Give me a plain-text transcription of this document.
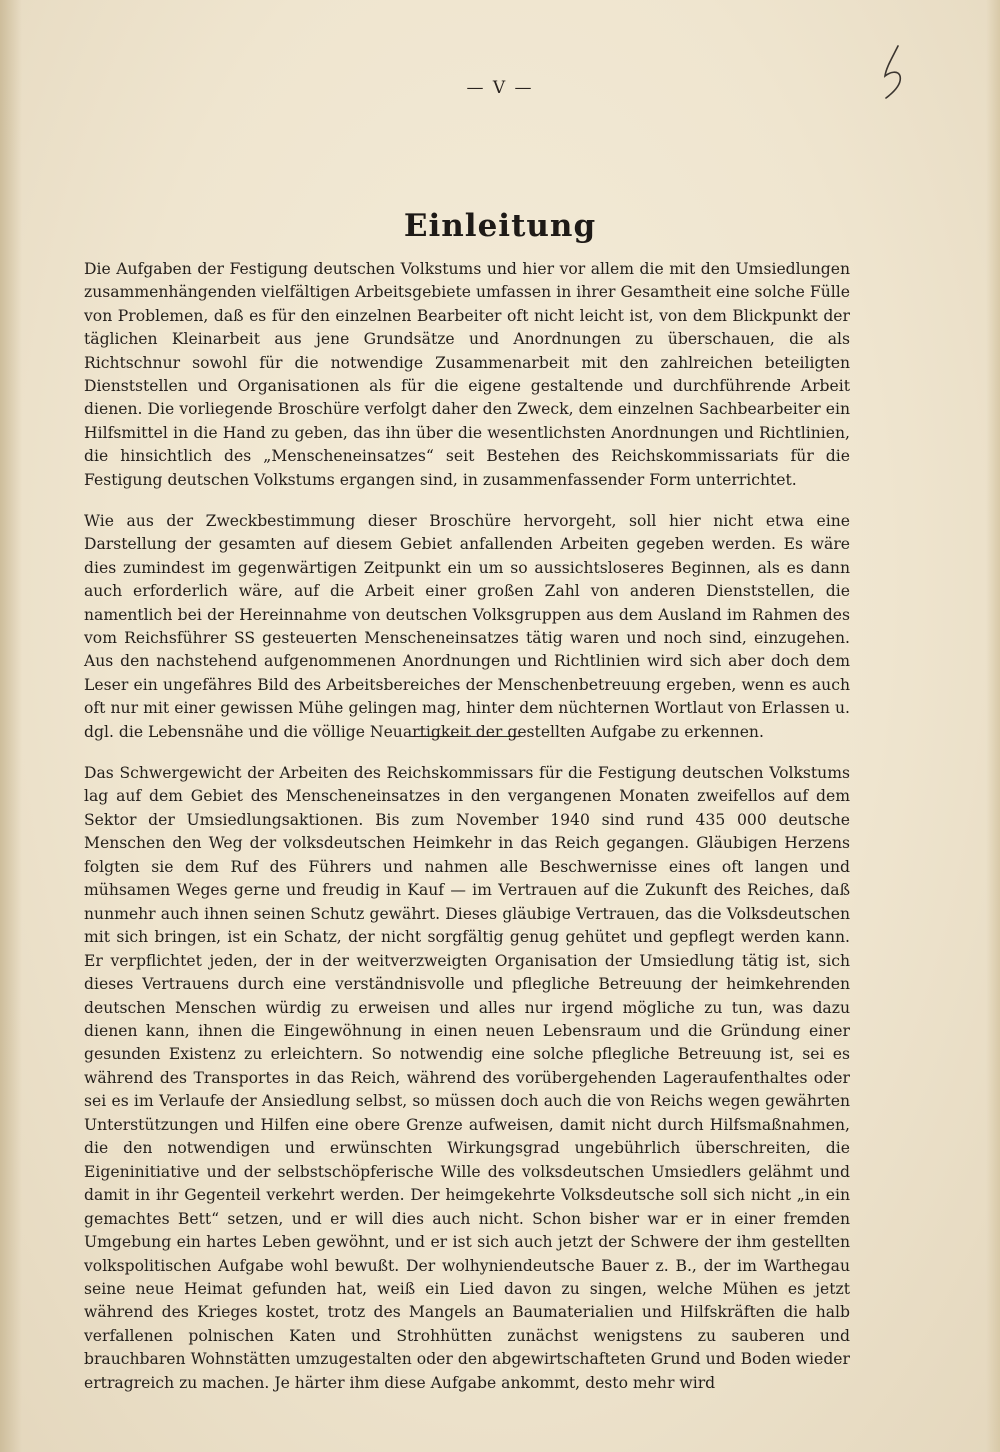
— V —
Einleitung

Die Aufgaben der Festigung deutschen Volkstums und hier vor allem die mit den Umsiedlungen zusammenhängenden vielfältigen Arbeitsgebiete umfassen in ihrer Gesamtheit eine solche Fülle von Problemen, daß es für den einzelnen Bearbeiter oft nicht leicht ist, von dem Blickpunkt der täglichen Kleinarbeit aus jene Grundsätze und Anordnungen zu überschauen, die als Richtschnur sowohl für die notwendige Zusammenarbeit mit den zahlreichen beteiligten Dienststellen und Organisationen als für die eigene gestaltende und durchführende Arbeit dienen. Die vorliegende Broschüre verfolgt daher den Zweck, dem einzelnen Sachbearbeiter ein Hilfsmittel in die Hand zu geben, das ihn über die wesentlichsten Anordnungen und Richtlinien, die hinsichtlich des „Menscheneinsatzes“ seit Bestehen des Reichskommissariats für die Festigung deutschen Volkstums ergangen sind, in zusammenfassender Form unterrichtet.

Wie aus der Zweckbestimmung dieser Broschüre hervorgeht, soll hier nicht etwa eine Darstellung der gesamten auf diesem Gebiet anfallenden Arbeiten gegeben werden. Es wäre dies zumindest im gegenwärtigen Zeitpunkt ein um so aussichtsloseres Beginnen, als es dann auch erforderlich wäre, auf die Arbeit einer großen Zahl von anderen Dienststellen, die namentlich bei der Hereinnahme von deutschen Volksgruppen aus dem Ausland im Rahmen des vom Reichsführer SS gesteuerten Menscheneinsatzes tätig waren und noch sind, einzugehen. Aus den nachstehend aufgenommenen Anordnungen und Richtlinien wird sich aber doch dem Leser ein ungefähres Bild des Arbeitsbereiches der Menschenbetreuung ergeben, wenn es auch oft nur mit einer gewissen Mühe gelingen mag, hinter dem nüchternen Wortlaut von Erlassen u. dgl. die Lebensnähe und die völlige Neuartigkeit der gestellten Aufgabe zu erkennen.

Das Schwergewicht der Arbeiten des Reichskommissars für die Festigung deutschen Volkstums lag auf dem Gebiet des Menscheneinsatzes in den vergangenen Monaten zweifellos auf dem Sektor der Umsiedlungsaktionen. Bis zum November 1940 sind rund 435 000 deutsche Menschen den Weg der volksdeutschen Heimkehr in das Reich gegangen. Gläubigen Herzens folgten sie dem Ruf des Führers und nahmen alle Beschwernisse eines oft langen und mühsamen Weges gerne und freudig in Kauf — im Vertrauen auf die Zukunft des Reiches, daß nunmehr auch ihnen seinen Schutz gewährt. Dieses gläubige Vertrauen, das die Volksdeutschen mit sich bringen, ist ein Schatz, der nicht sorgfältig genug gehütet und gepflegt werden kann. Er verpflichtet jeden, der in der weitverzweigten Organisation der Umsiedlung tätig ist, sich dieses Vertrauens durch eine verständnisvolle und pflegliche Betreuung der heimkehrenden deutschen Menschen würdig zu erweisen und alles nur irgend mögliche zu tun, was dazu dienen kann, ihnen die Eingewöhnung in einen neuen Lebensraum und die Gründung einer gesunden Existenz zu erleichtern. So notwendig eine solche pflegliche Betreuung ist, sei es während des Transportes in das Reich, während des vorübergehenden Lageraufenthaltes oder sei es im Verlaufe der Ansiedlung selbst, so müssen doch auch die von Reichs wegen gewährten Unterstützungen und Hilfen eine obere Grenze aufweisen, damit nicht durch Hilfsmaßnahmen, die den notwendigen und erwünschten Wirkungsgrad ungebührlich überschreiten, die Eigeninitiative und der selbstschöpferische Wille des volksdeutschen Umsiedlers gelähmt und damit in ihr Gegenteil verkehrt werden. Der heimgekehrte Volksdeutsche soll sich nicht „in ein gemachtes Bett“ setzen, und er will dies auch nicht. Schon bisher war er in einer fremden Umgebung ein hartes Leben gewöhnt, und er ist sich auch jetzt der Schwere der ihm gestellten volkspolitischen Aufgabe wohl bewußt. Der wolhyniendeutsche Bauer z. B., der im Warthegau seine neue Heimat gefunden hat, weiß ein Lied davon zu singen, welche Mühen es jetzt während des Krieges kostet, trotz des Mangels an Baumaterialien und Hilfskräften die halb verfallenen polnischen Katen und Strohhütten zunächst wenigstens zu sauberen und brauchbaren Wohnstätten umzugestalten oder den abgewirtschafteten Grund und Boden wieder ertragreich zu machen. Je härter ihm diese Aufgabe ankommt, desto mehr wird
